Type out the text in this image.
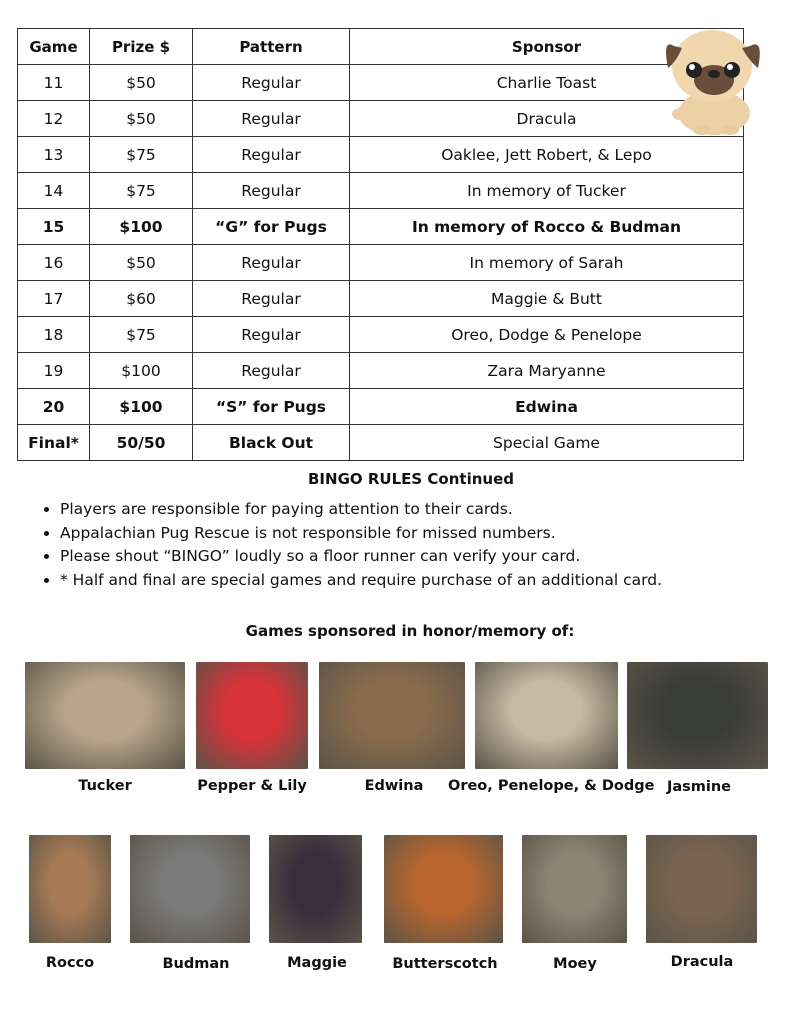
Game	Prize $	Pattern	Sponsor
11	$50	Regular	Charlie Toast
12	$50	Regular	Dracula
13	$75	Regular	Oaklee, Jett Robert, & Lepo
14	$75	Regular	In memory of Tucker
15	$100	“G” for Pugs	In memory of Rocco & Budman
16	$50	Regular	In memory of Sarah
17	$60	Regular	Maggie & Butt
18	$75	Regular	Oreo, Dodge & Penelope
19	$100	Regular	Zara Maryanne
20	$100	“S” for Pugs	Edwina
Final*	50/50	Black Out	Special Game
BINGO RULES Continued
• Players are responsible for paying attention to their cards.
• Appalachian Pug Rescue is not responsible for missed numbers.
• Please shout “BINGO” loudly so a floor runner can verify your card.
• * Half and final are special games and require purchase of an additional card.
Games sponsored in honor/memory of:
Tucker	Pepper & Lily	Edwina	Oreo, Penelope, & Dodge Jasmine
Rocco	Budman	Maggie	Butterscotch	Moey	Dracula
